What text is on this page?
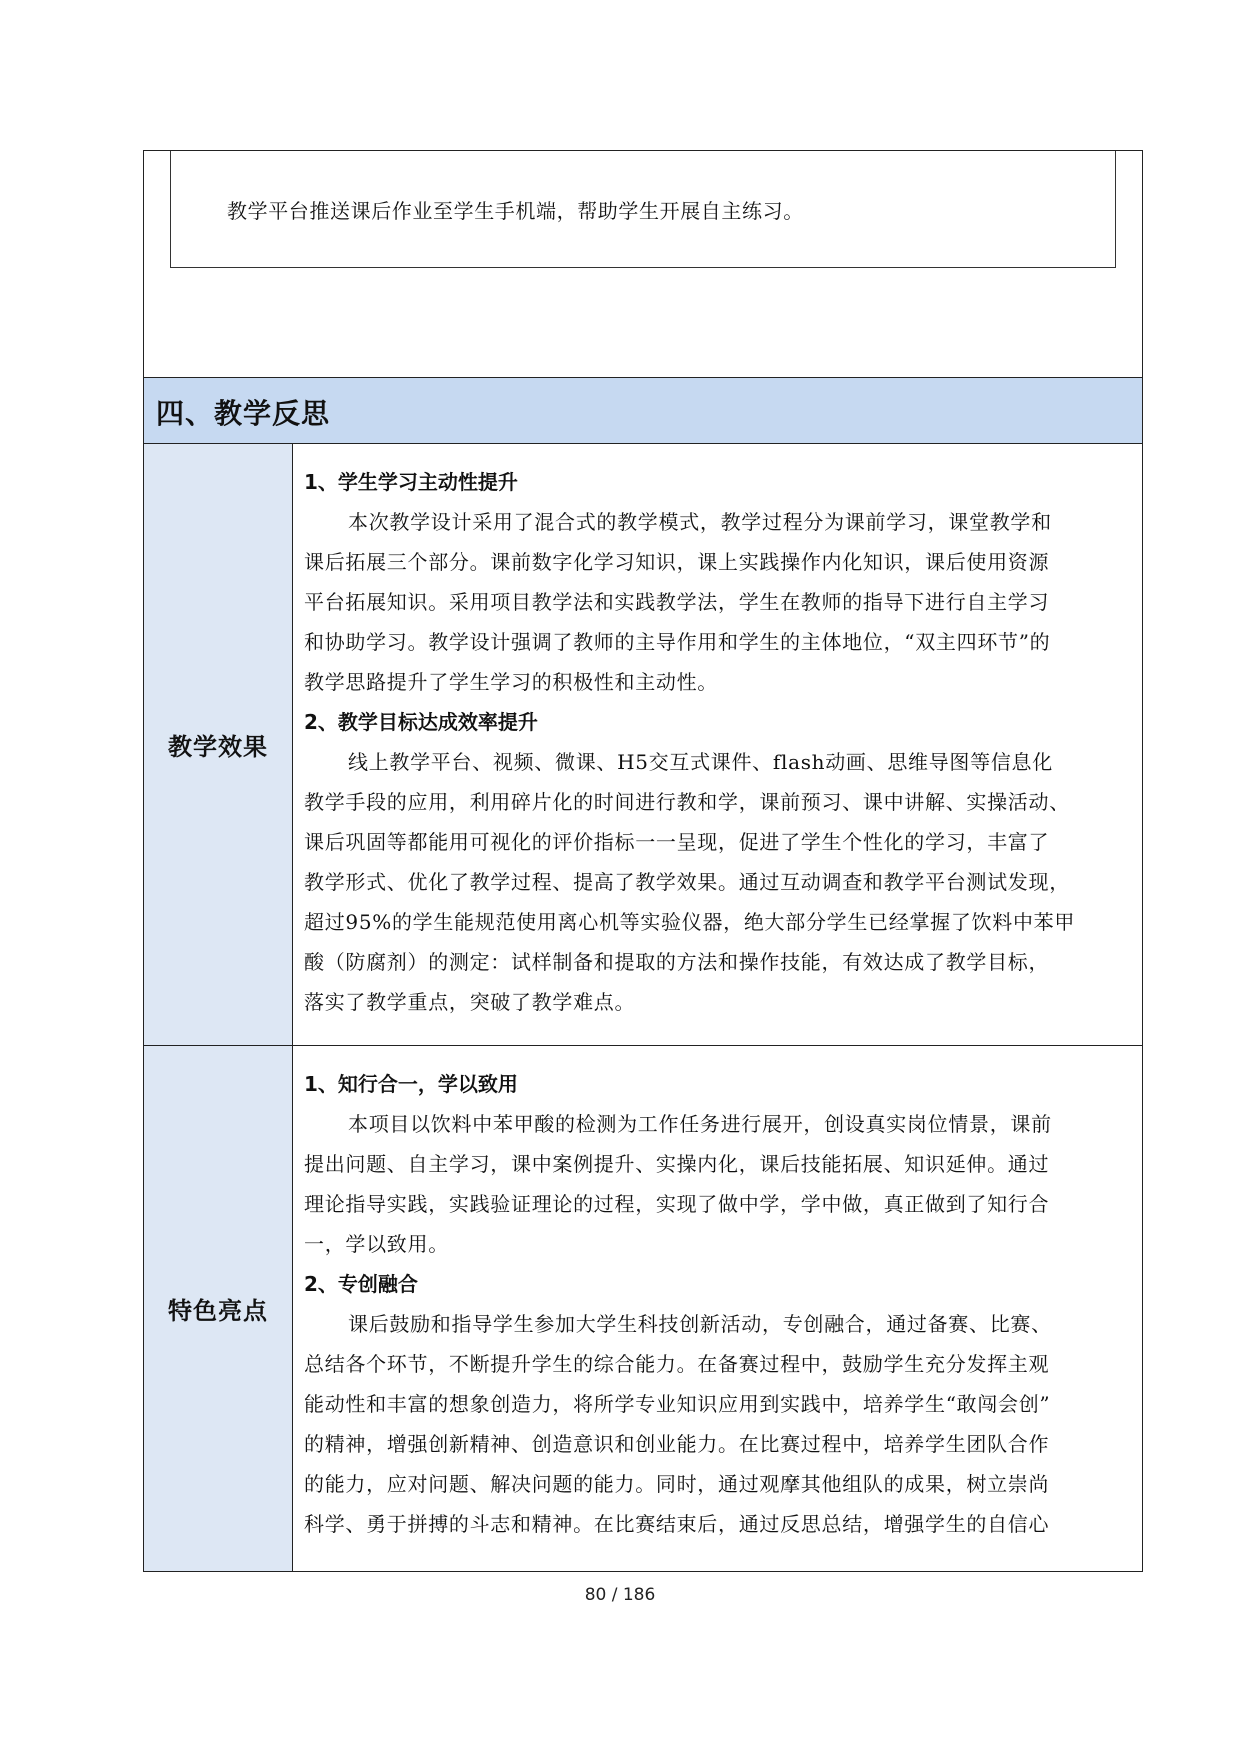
教学平台推送课后作业至学生手机端，帮助学生开展自主练习。
四、教学反思
教学效果
1、学生学习主动性提升
本次教学设计采用了混合式的教学模式，教学过程分为课前学习，课堂教学和
课后拓展三个部分。课前数字化学习知识，课上实践操作内化知识，课后使用资源
平台拓展知识。采用项目教学法和实践教学法，学生在教师的指导下进行自主学习
和协助学习。教学设计强调了教师的主导作用和学生的主体地位，“双主四环节”的
教学思路提升了学生学习的积极性和主动性。
2、教学目标达成效率提升
线上教学平台、视频、微课、H5交互式课件、flash动画、思维导图等信息化
教学手段的应用，利用碎片化的时间进行教和学，课前预习、课中讲解、实操活动、
课后巩固等都能用可视化的评价指标一一呈现，促进了学生个性化的学习，丰富了
教学形式、优化了教学过程、提高了教学效果。通过互动调查和教学平台测试发现，
超过95%的学生能规范使用离心机等实验仪器，绝大部分学生已经掌握了饮料中苯甲
酸（防腐剂）的测定：试样制备和提取的方法和操作技能，有效达成了教学目标，
落实了教学重点，突破了教学难点。
特色亮点
1、知行合一，学以致用
本项目以饮料中苯甲酸的检测为工作任务进行展开，创设真实岗位情景，课前
提出问题、自主学习，课中案例提升、实操内化，课后技能拓展、知识延伸。通过
理论指导实践，实践验证理论的过程，实现了做中学，学中做，真正做到了知行合
一，学以致用。
2、专创融合
课后鼓励和指导学生参加大学生科技创新活动，专创融合，通过备赛、比赛、
总结各个环节，不断提升学生的综合能力。在备赛过程中，鼓励学生充分发挥主观
能动性和丰富的想象创造力，将所学专业知识应用到实践中，培养学生“敢闯会创”
的精神，增强创新精神、创造意识和创业能力。在比赛过程中，培养学生团队合作
的能力，应对问题、解决问题的能力。同时，通过观摩其他组队的成果，树立崇尚
科学、勇于拼搏的斗志和精神。在比赛结束后，通过反思总结，增强学生的自信心
80 / 186
